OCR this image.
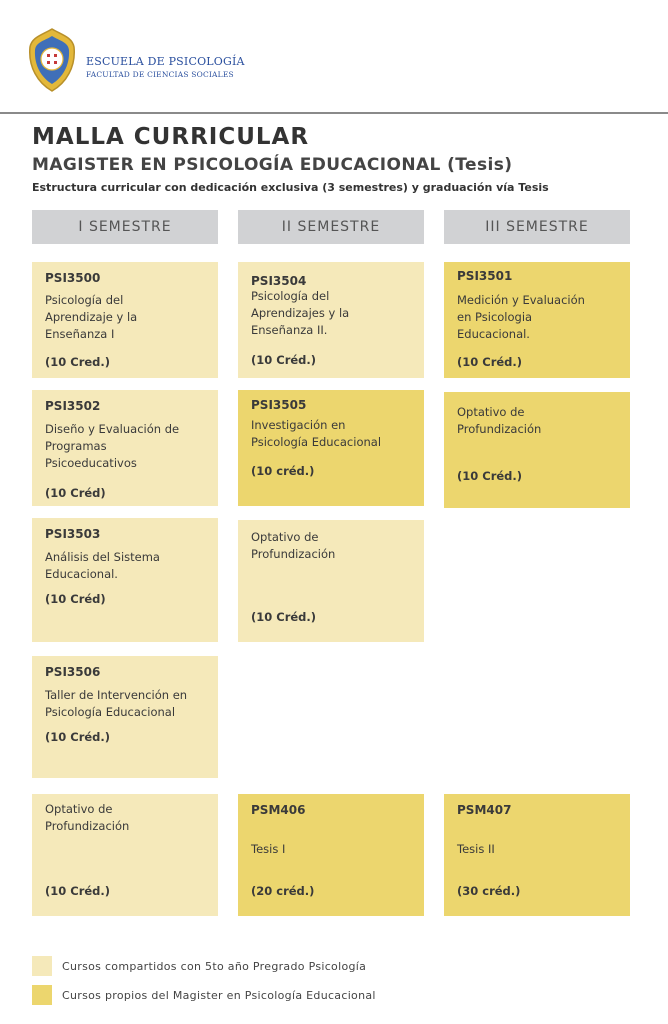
ESCUELA DE PSICOLOGÍA
FACULTAD DE CIENCIAS SOCIALES
MALLA CURRICULAR
MAGISTER EN PSICOLOGÍA EDUCACIONAL (Tesis)

Estructura curricular con dedicación exclusiva (3 semestres) y graduación vía Tesis

I SEMESTRE	II SEMESTRE	III SEMESTRE
PSI3500
Psicología del
Aprendizaje y la
Enseñanza I
(10 Cred.)
PSI3504
Psicología del
Aprendizajes y la
Enseñanza II.
(10 Créd.)
PSI3501
Medición y Evaluación
en Psicologia
Educacional.
(10 Créd.)
PSI3502
Diseño y Evaluación de
Programas
Psicoeducativos
(10 Créd)
PSI3505
Investigación en
Psicología Educacional
(10 créd.)
Optativo de
Profundización
(10 Créd.)
PSI3503
Análisis del Sistema
Educacional.
(10 Créd)
Optativo de
Profundización
(10 Créd.)
PSI3506
Taller de Intervención en
Psicología Educacional
(10 Créd.)
Optativo de
Profundización
(10 Créd.)
PSM406
Tesis I
(20 créd.)
PSM407
Tesis II
(30 créd.)
Cursos compartidos con 5to año Pregrado Psicología
Cursos propios del Magister en Psicología Educacional
